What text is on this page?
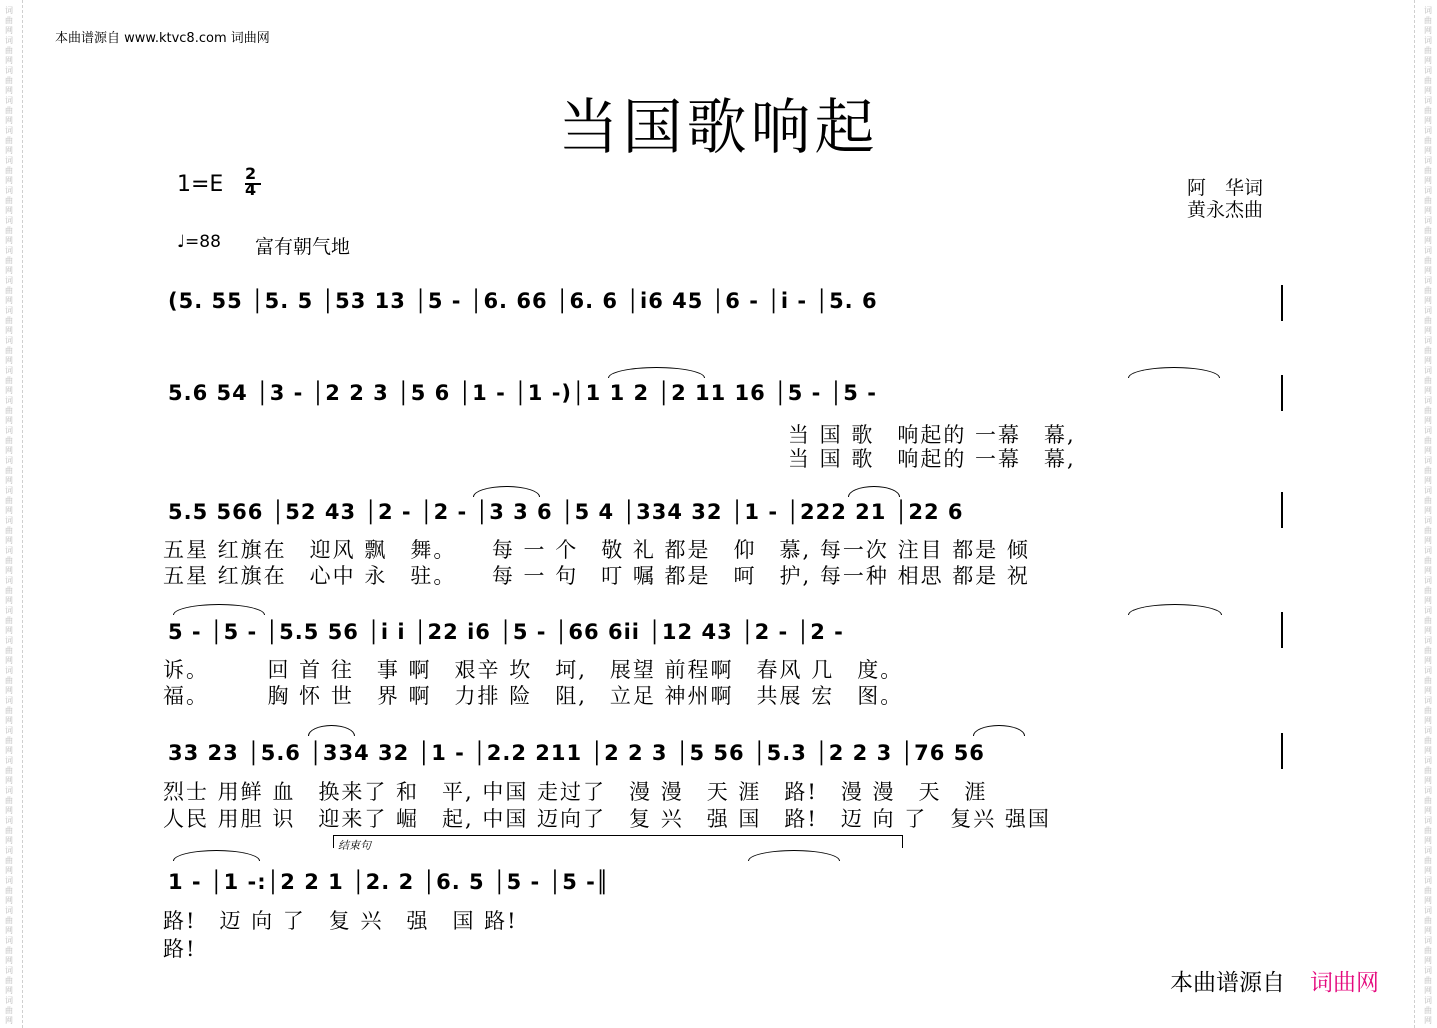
词
曲
网
词
曲
网
词
曲
网
词
曲
网
词
曲
网
词
曲
网
词
曲
网
词
曲
网
词
曲
网
词
曲
网
词
曲
网
词
曲
网
词
曲
网
词
曲
网
词
曲
网
词
曲
网
词
曲
网
词
曲
网
词
曲
网
词
曲
网
词
曲
网
词
曲
网
词
曲
网
词
曲
网
词
曲
网
词
曲
网
词
曲
网
词
曲
网
词
曲
网
词
曲
网
词
曲
网
词
曲
网
词
曲
网
词
曲
网
词
曲
网
词
曲
网
词
曲
网
词
曲
网
词
曲
网
词
曲
网
词
曲
网
词
曲
网
词
曲
网
词
曲
网
词
曲
网
词
曲
网
词
曲
网
词
曲
网
词
曲
网
词
曲
网
词
曲
网
词
曲
网
词
曲
网
词
曲
网
词
曲
网
词
曲
网
词
曲
网
词
曲
网
词
曲
网
词
曲
网
词
曲
网
词
曲
网
词
曲
网
词
曲
网
词
曲
网
词
曲
网
词
曲
网
词
曲
网
本曲谱源自 www.ktvc8.com 词曲网
当国歌响起
1=E 2
4
♩=88 富有朝气地
阿　华词
黄永杰曲
(5. 55 │5. 5 │53 13 │5 - │6. 66 │6. 6 │i6 45 │6 - │i - │5. 6
5.6 54 │3 - │2 2 3 │5 6 │1 - │1 -)│1 1 2 │2 11 16 │5 - │5 -
当 国 歌　响起的 一幕　幕,
当 国 歌　响起的 一幕　幕,
5.5 566 │52 43 │2 - │2 - │3 3 6 │5 4 │334 32 │1 - │222 21 │22 6
五星 红旗在　迎风 飘　舞。　　每 一 个　敬 礼 都是　仰　慕, 每一次 注目 都是 倾
五星 红旗在　心中 永　驻。　　每 一 句　叮 嘱 都是　呵　护, 每一种 相思 都是 祝
5 - │5 - │5.5 56 │i i │22 i6 │5 - │66 6ii │12 43 │2 - │2 -
诉。　　　回 首 往　事 啊　艰辛 坎　坷,　展望 前程啊　春风 几　度。
福。　　　胸 怀 世　界 啊　力排 险　阻,　立足 神州啊　共展 宏　图。
33 23 │5.6 │334 32 │1 - │2.2 211 │2 2 3 │5 56 │5.3 │2 2 3 │76 56
烈士 用鲜 血　换来了 和　平, 中国 走过了　漫 漫　天 涯　路!　漫 漫　天　涯
人民 用胆 识　迎来了 崛　起, 中国 迈向了　复 兴　强 国　路!　迈 向 了　复兴 强国
结束句
1 - │1 -:│2 2 1 │2. 2 │6. 5 │5 - │5 -║
路!　迈 向 了　复 兴　强　国 路!
路!
本曲谱源自 词曲网
